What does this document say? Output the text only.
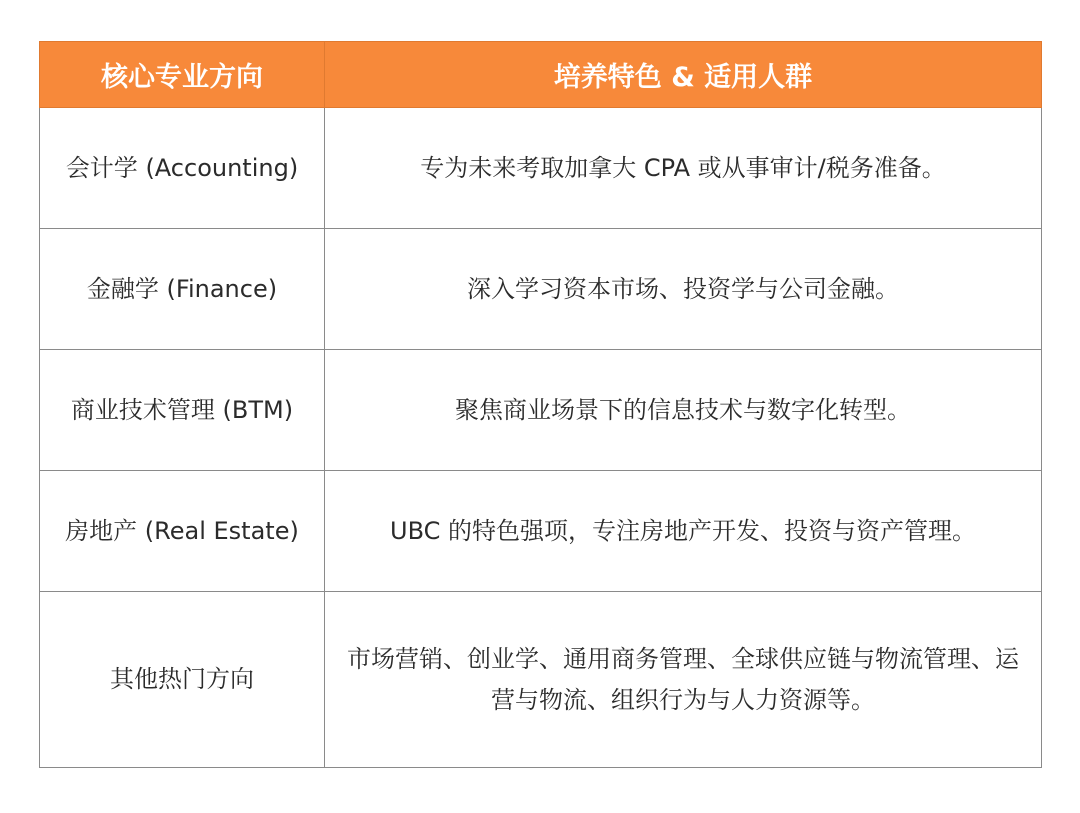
核心专业方向	培养特色 & 适用人群
会计学 (Accounting)	专为未来考取加拿大 CPA 或从事审计/税务准备。
金融学 (Finance)	深入学习资本市场、投资学与公司金融。
商业技术管理 (BTM)	聚焦商业场景下的信息技术与数字化转型。
房地产 (Real Estate)	UBC 的特色强项，专注房地产开发、投资与资产管理。
其他热门方向	市场营销、创业学、通用商务管理、全球供应链与物流管理、运营与物流、组织行为与人力资源等。
